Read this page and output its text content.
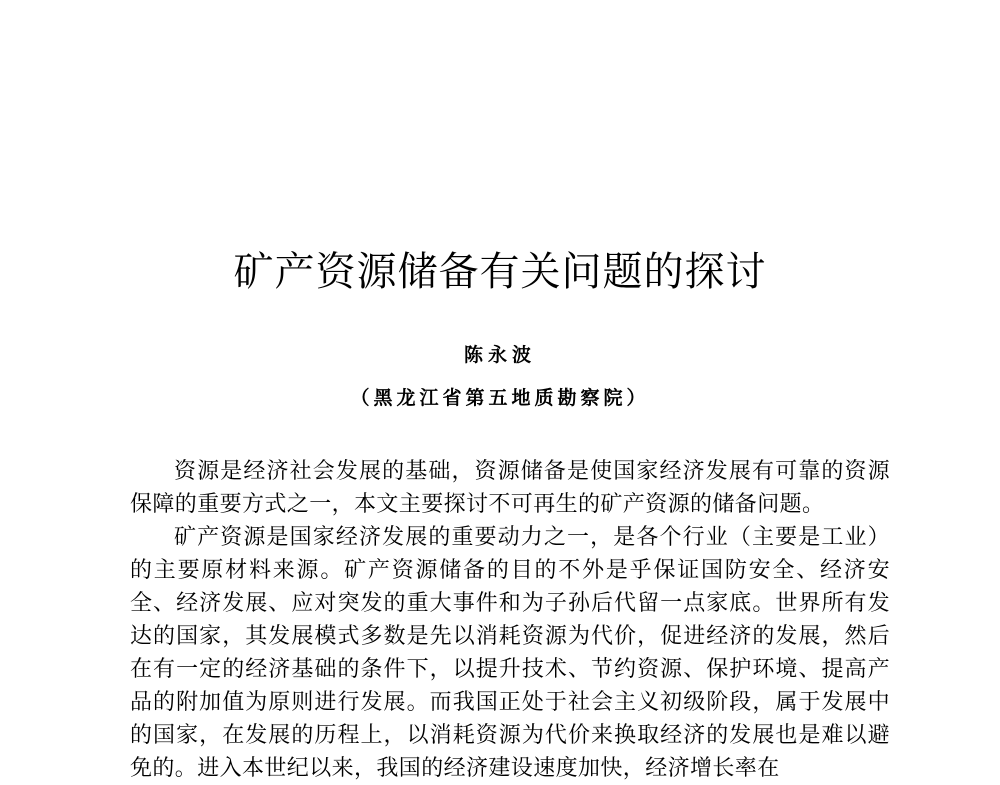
矿产资源储备有关问题的探讨
陈永波
（黑龙江省第五地质勘察院）

资源是经济社会发展的基础，资源储备是使国家经济发展有可靠的资源保障的重要方式之一，本文主要探讨不可再生的矿产资源的储备问题。

矿产资源是国家经济发展的重要动力之一，是各个行业（主要是工业）的主要原材料来源。矿产资源储备的目的不外是乎保证国防安全、经济安全、经济发展、应对突发的重大事件和为子孙后代留一点家底。世界所有发达的国家，其发展模式多数是先以消耗资源为代价，促进经济的发展，然后在有一定的经济基础的条件下，以提升技术、节约资源、保护环境、提高产品的附加值为原则进行发展。而我国正处于社会主义初级阶段，属于发展中的国家，在发展的历程上，以消耗资源为代价来换取经济的发展也是难以避免的。进入本世纪以来，我国的经济建设速度加快，经济增长率在
